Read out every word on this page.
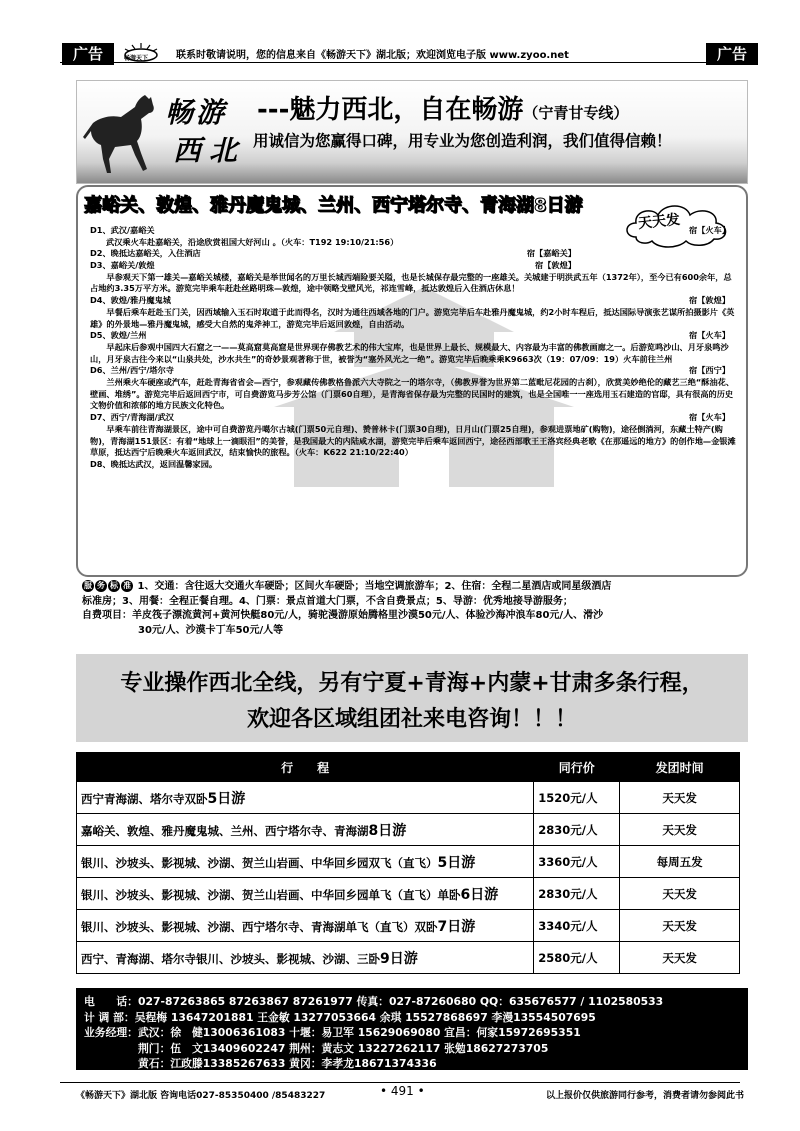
广告	广告
畅游天下	联系时敬请说明，您的信息来自《畅游天下》湖北版；欢迎浏览电子版 www.zyoo.net
畅游
西北
---魅力西北，自在畅游（宁青甘专线）
用诚信为您赢得口碑，用专业为您创造利润，我们值得信赖！
嘉峪关、敦煌、雅丹魔鬼城、兰州、西宁塔尔寺、青海湖8日游
天天发
D1、武汉/嘉峪关	宿【火车】
武汉乘火车赴嘉峪关，沿途欣赏祖国大好河山 。（火车：T192 19:10/21:56）
D2、晚抵达嘉峪关，入住酒店	宿【嘉峪关】
D3、嘉峪关/敦煌	宿【敦煌】
早参观天下第一雄关—嘉峪关城楼，嘉峪关是举世闻名的万里长城西端险要关隘，也是长城保存最完整的一座雄关。关城建于明洪武五年（1372年），至今已有600余年，总占地约3.35万平方米。游览完毕乘车赶赴丝路明珠—敦煌，途中领略戈壁风光，祁连雪峰，抵达敦煌后入住酒店休息！
D4、敦煌/雅丹魔鬼城	宿【敦煌】
早餐后乘车赶赴玉门关，因西域输入玉石时取道于此而得名，汉时为通往西域各地的门户。游览完毕后车赴雅丹魔鬼城，约2小时车程后，抵达国际导演张艺谋所拍摄影片《英雄》的外景地—雅丹魔鬼城，感受大自然的鬼斧神工，游览完毕后返回敦煌，自由活动。
D5、敦煌/兰州	宿【火车】
早起床后参观中国四大石窟之一——莫高窟莫高窟是世界现存佛教艺术的伟大宝库，也是世界上最长、规模最大、内容最为丰富的佛教画廊之一。后游览鸣沙山、月牙泉鸣沙山，月牙泉古往今来以“山泉共处，沙水共生”的奇妙景观著称于世，被誉为“塞外风光之一绝”。游览完毕后晚乘乘K9663次（19：07/09：19）火车前往兰州
D6、兰州/西宁/塔尔寺	宿【西宁】
兰州乘火车硬座或汽车，赶赴青海省省会—西宁，参观藏传佛教格鲁派六大寺院之一的塔尔寺，（佛教界誉为世界第二蓝毗尼花园的古刹），欣赏美妙绝伦的藏艺三绝“酥油花、壁画、堆绣”。游览完毕后返回西宁市，可自费游览马步芳公馆（门票60自理），是青海省保存最为完整的民国时的建筑，也是全国唯一一座选用玉石建造的官邸，具有很高的历史文物价值和浓郁的地方民族文化特色。
D7、西宁/青海湖/武汉	宿【火车】
早乘车前往青海湖景区，途中可自费游览丹噶尔古城(门票50元自理)、赞普林卡(门票30自理)，日月山(门票25自理)，参观进票地矿(购物)，途径倒淌河，东藏土特产(购物)，青海湖151景区：有着“地球上一滴眼泪”的美誉，是我国最大的内陆咸水湖，游览完毕后乘车返回西宁，途径西部歌王王洛宾经典老歌《在那遥远的地方》的创作地—金银滩草原，抵达西宁后晚乘火车返回武汉，结束愉快的旅程。（火车：K622 21:10/22:40）
D8、晚抵达武汉，返回温馨家园。
服 务 标 准 1、交通：含往返大交通火车硬卧；区间火车硬卧；当地空调旅游车；2、住宿：全程二星酒店或同星级酒店
标准房；3、用餐：全程正餐自理。4、门票：景点首道大门票，不含自费景点；5、导游：优秀地接导游服务；
自费项目：羊皮筏子漂流黄河+黄河快艇80元/人，骑驼漫游原始腾格里沙漠50元/人、体验沙海冲浪车80元/人、滑沙
30元/人、沙漠卡丁车50元/人等
专业操作西北全线，另有宁夏+青海+内蒙+甘肃多条行程，
欢迎各区域组团社来电咨询！！！
行　　程	同行价	发团时间
西宁青海湖、塔尔寺双卧5日游	1520元/人	天天发
嘉峪关、敦煌、雅丹魔鬼城、兰州、西宁塔尔寺、青海湖8日游	2830元/人	天天发
银川、沙坡头、影视城、沙湖、贺兰山岩画、中华回乡园双飞（直飞）5日游	3360元/人	每周五发
银川、沙坡头、影视城、沙湖、贺兰山岩画、中华回乡园单飞（直飞）单卧6日游	2830元/人	天天发
银川、沙坡头、影视城、沙湖、西宁塔尔寺、青海湖单飞（直飞）双卧7日游	3340元/人	天天发
西宁、青海湖、塔尔寺银川、沙坡头、影视城、沙湖、三卧9日游	2580元/人	天天发
电　　话：027-87263865 87263867 87261977 传真：027-87260680 QQ：635676577 / 1102580533
计 调 部：吴程梅 13647201881 王金敏 13277053664 余琪 15527868697 李漫13554507695
业务经理：武汉：徐　健13006361083 十堰：易卫军 15629069080 宜昌：何家15972695351
　　　　　荆门：伍　文13409602247 荆州：黄志文 13227262117 张勉18627273705
　　　　　黄石：江政滕13385267633 黄冈：李孝龙18671374336
《畅游天下》湖北版 咨询电话027-85350400 /85483227	• 491 •	以上报价仅供旅游同行参考，消费者请勿参阅此书
